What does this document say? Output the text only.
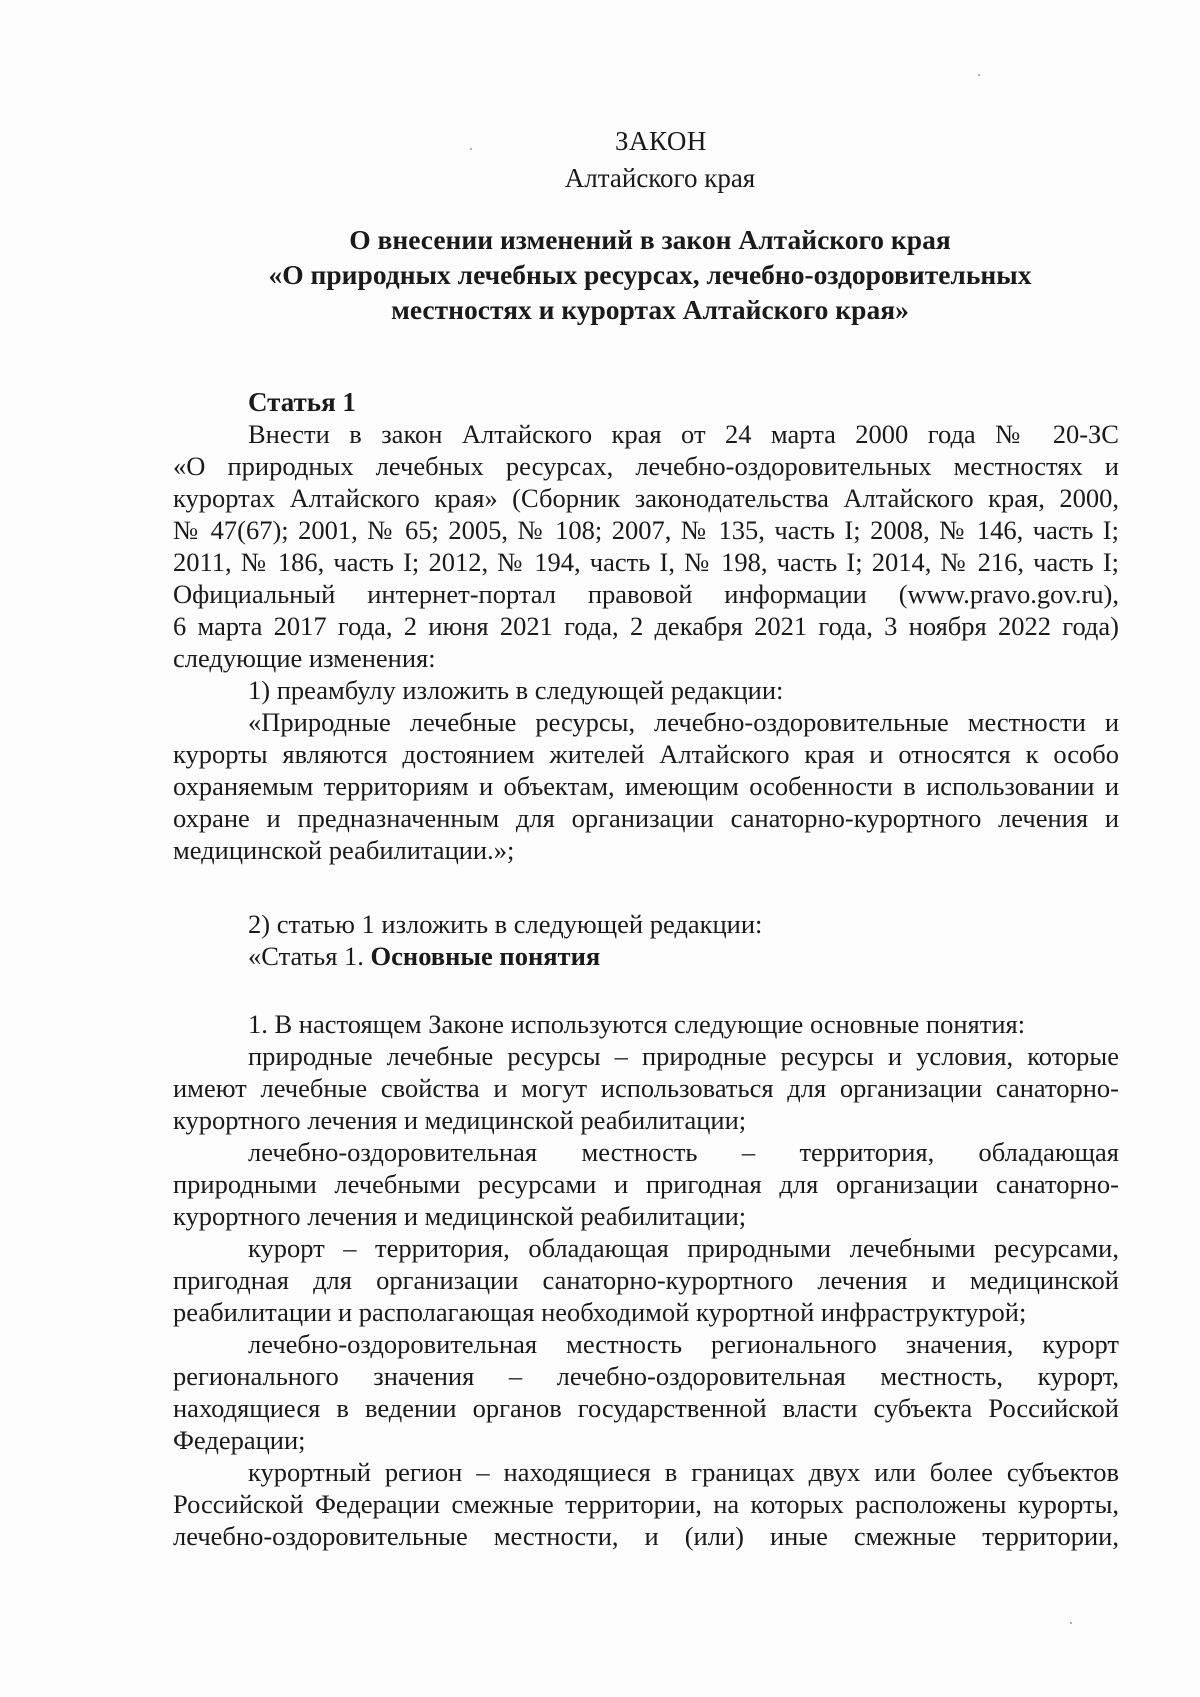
ЗАКОН
Алтайского края
О внесении изменений в закон Алтайского края
«О природных лечебных ресурсах, лечебно-оздоровительных
местностях и курортах Алтайского края»
Статья 1
Внести в закон Алтайского края от 24 марта 2000 года № 20-ЗС
«О природных лечебных ресурсах, лечебно-оздоровительных местностях и
курортах Алтайского края» (Сборник законодательства Алтайского края, 2000,
№ 47(67); 2001, № 65; 2005, № 108; 2007, № 135, часть I; 2008, № 146, часть I;
2011, № 186, часть I; 2012, № 194, часть I, № 198, часть I; 2014, № 216, часть I;
Официальный интернет-портал правовой информации (www.pravo.gov.ru),
6 марта 2017 года, 2 июня 2021 года, 2 декабря 2021 года, 3 ноября 2022 года)
следующие изменения:
1) преамбулу изложить в следующей редакции:
«Природные лечебные ресурсы, лечебно-оздоровительные местности и
курорты являются достоянием жителей Алтайского края и относятся к особо
охраняемым территориям и объектам, имеющим особенности в использовании и
охране и предназначенным для организации санаторно-курортного лечения и
медицинской реабилитации.»;
2) статью 1 изложить в следующей редакции:
«Статья 1. Основные понятия
1. В настоящем Законе используются следующие основные понятия:
природные лечебные ресурсы – природные ресурсы и условия, которые
имеют лечебные свойства и могут использоваться для организации санаторно-
курортного лечения и медицинской реабилитации;
лечебно-оздоровительная местность – территория, обладающая
природными лечебными ресурсами и пригодная для организации санаторно-
курортного лечения и медицинской реабилитации;
курорт – территория, обладающая природными лечебными ресурсами,
пригодная для организации санаторно-курортного лечения и медицинской
реабилитации и располагающая необходимой курортной инфраструктурой;
лечебно-оздоровительная местность регионального значения, курорт
регионального значения – лечебно-оздоровительная местность, курорт,
находящиеся в ведении органов государственной власти субъекта Российской
Федерации;
курортный регион – находящиеся в границах двух или более субъектов
Российской Федерации смежные территории, на которых расположены курорты,
лечебно-оздоровительные местности, и (или) иные смежные территории,
